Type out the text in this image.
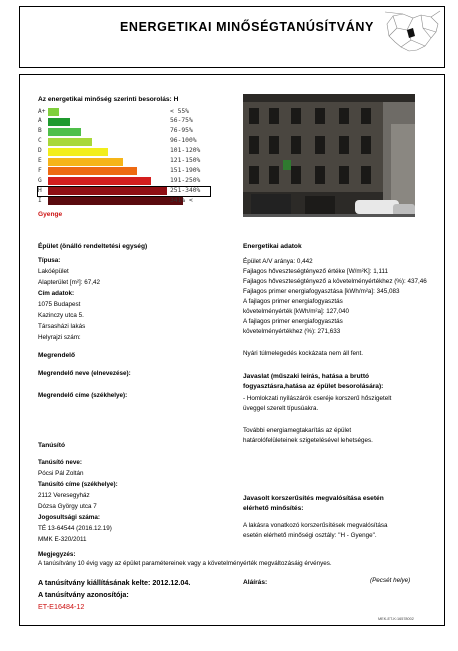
ENERGETIKAI MINŐSÉGTANÚSÍTVÁNY
Az energetikai minőség szerinti besorolás: H
A+	< 55%
A	56-75%
B	76-95%
C	96-100%
D	101-120%
E	121-150%
F	151-190%
G	191-250%
H	251-340%
I	341% <
Gyenge
Épület (önálló rendeltetési egység)
Típusa:
Lakóépület
Alapterület [m²]: 67,42
Cím adatok:
1075 Budapest
Kazinczy utca 5.
Társasházi lakás
Helyrajzi szám:
Megrendelő
Megrendelő neve (elnevezése):
Megrendelő címe (székhelye):
Tanúsító
Tanúsító neve:
Pócsi Pál Zoltán
Tanúsító címe (székhelye):
2112 Veresegyház
Dózsa György utca 7
Jogosultsági száma:
TÉ 13-64544 (2016.12.19)
MMK E-320/2011
Energetikai adatok
Épület A/V aránya: 0,442
Fajlagos hőveszteségtényező értéke [W/m²K]: 1,111
Fajlagos hőveszteségtényező a követelményértékhez (%): 437,46
Fajlagos primer energiafogyasztása [kWh/m²a]: 345,083
A fajlagos primer energiafogyasztás
követelményérték [kWh/m²a]: 127,040
A fajlagos primer energiafogyasztás
követelményértékhez (%): 271,633
Nyári túlmelegedés kockázata nem áll fent.
Javaslat (műszaki leírás, hatása a bruttó
fogyasztásra,hatása az épület besorolására):
- Homlokzati nyílászárók cseréje korszerű hőszigetelt
üveggel szerelt típusúakra.
További energiamegtakarítás az épület
határolófelületeinek szigetelésével lehetséges.
Javasolt korszerűsítés megvalósítása esetén
elérhető minősítés:
A lakásra vonatkozó korszerűsítések megvalósítása
esetén elérhető minőségi osztály: "H - Gyenge".
Megjegyzés:
A tanúsítvány 10 évig vagy az épület paramétereinek vagy a követelményérték megváltozásáig érvényes.
A tanúsítvány kiállításának kelte: 2012.12.04.	Aláírás:	(Pecsét helye)
A tanúsítvány azonosítója:
ET-E16484-12
MEK-ET-K:16578002
